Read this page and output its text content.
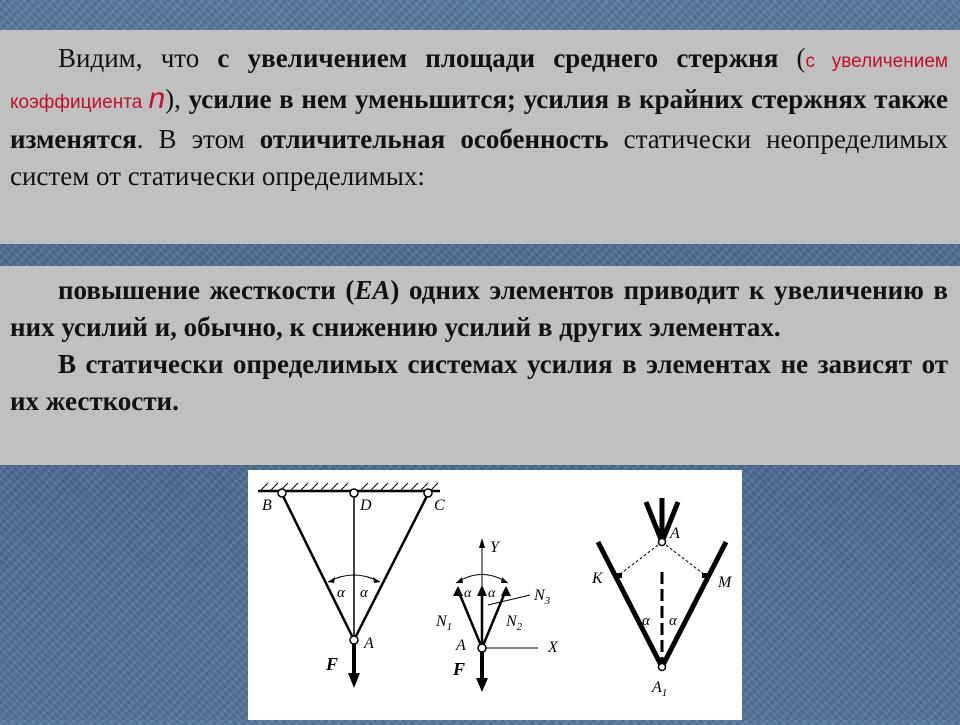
Видим, что с увеличением площади среднего стержня (с увеличением коэффициента n), усилие в нем уменьшится; усилия в крайних стержнях также изменятся. В этом отличительная особенность статически неопределимых систем от статически определимых:

повышение жесткости (EA) одних элементов приводит к увеличению в них усилий и, обычно, к снижению усилий в других элементах.

В статически определимых системах усилия в элементах не зависят от их жесткости.

B	D	C
A
α α
F
Y
X
α α
$N_1$	$N_2$
$N_3$
A
F
A
K	M
α α
$A_1$
